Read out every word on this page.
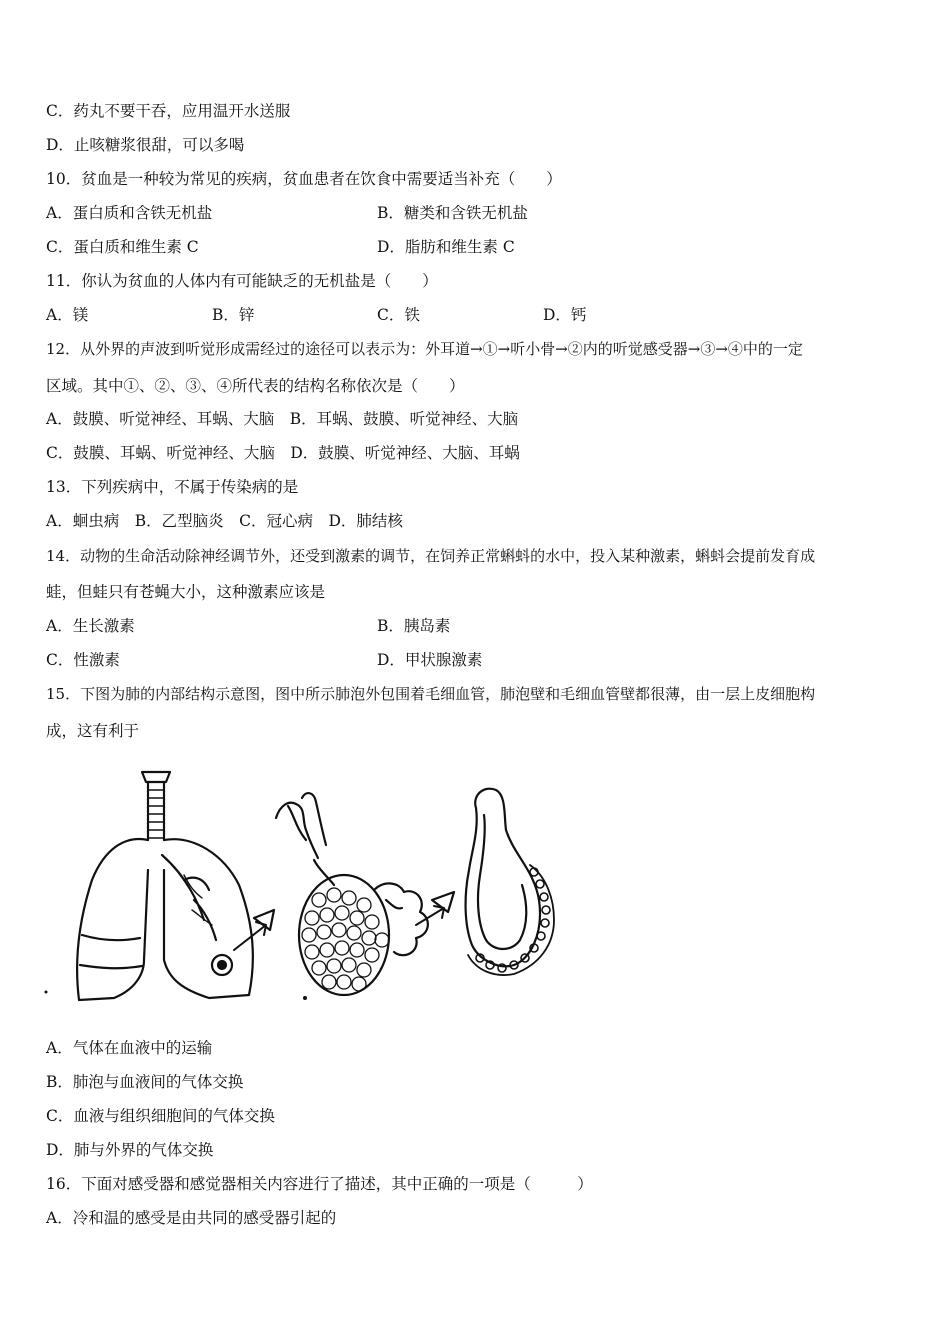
C．药丸不要干吞，应用温开水送服
D．止咳糖浆很甜，可以多喝
10．贫血是一种较为常见的疾病，贫血患者在饮食中需要适当补充（　　）
A．蛋白质和含铁无机盐	B．糖类和含铁无机盐
C．蛋白质和维生素 C	D．脂肪和维生素 C
11．你认为贫血的人体内有可能缺乏的无机盐是（　　）
A．镁	B．锌	C．铁	D．钙
12．从外界的声波到听觉形成需经过的途径可以表示为：外耳道→①→听小骨→②内的听觉感受器→③→④中的一定
区域。其中①、②、③、④所代表的结构名称依次是（　　）
A．鼓膜、听觉神经、耳蜗、大脑　B．耳蜗、鼓膜、听觉神经、大脑
C．鼓膜、耳蜗、听觉神经、大脑　D．鼓膜、听觉神经、大脑、耳蜗
13．下列疾病中，不属于传染病的是
A．蛔虫病　B．乙型脑炎　C．冠心病　D．肺结核
14．动物的生命活动除神经调节外，还受到激素的调节，在饲养正常蝌蚪的水中，投入某种激素，蝌蚪会提前发育成
蛙，但蛙只有苍蝇大小，这种激素应该是
A．生长激素	B．胰岛素
C．性激素	D．甲状腺激素
15．下图为肺的内部结构示意图，图中所示肺泡外包围着毛细血管，肺泡壁和毛细血管壁都很薄，由一层上皮细胞构
成，这有利于
A．气体在血液中的运输
B．肺泡与血液间的气体交换
C．血液与组织细胞间的气体交换
D．肺与外界的气体交换
16．下面对感受器和感觉器相关内容进行了描述，其中正确的一项是（　　　）
A．冷和温的感受是由共同的感受器引起的
